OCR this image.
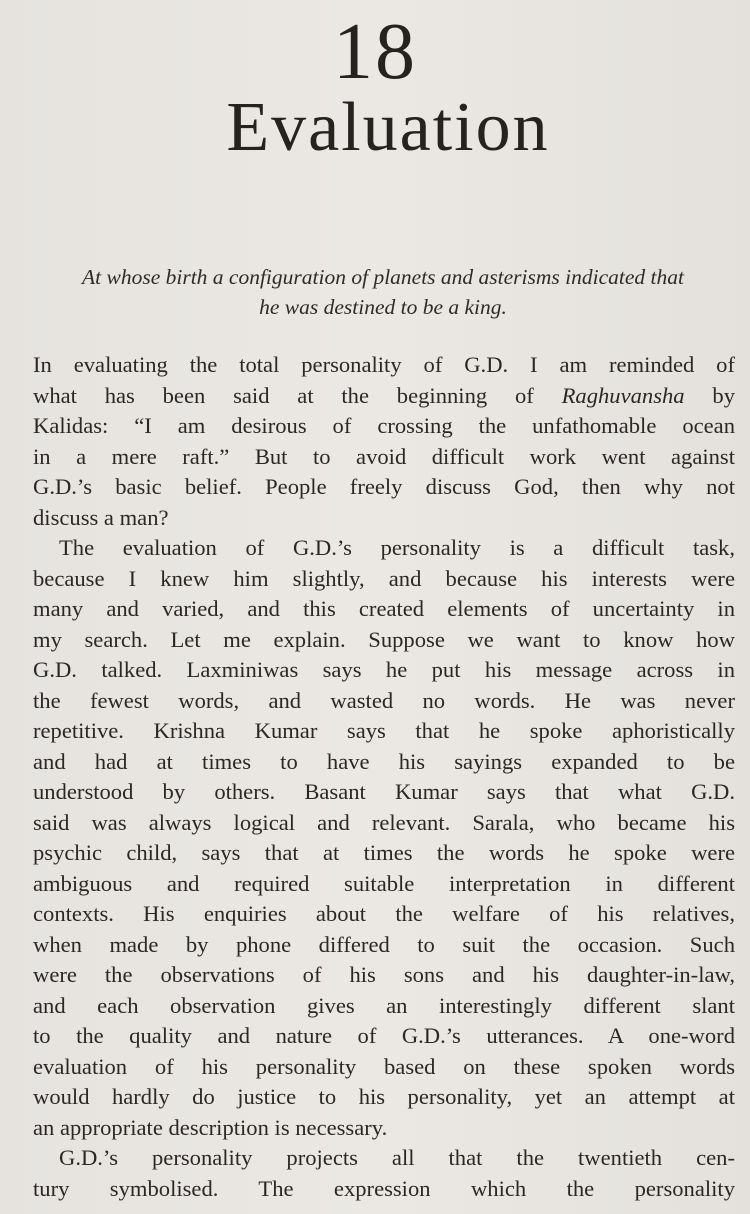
18
Evaluation
At whose birth a configuration of planets and asterisms indicated that
he was destined to be a king.
In evaluating the total personality of G.D. I am reminded of
what has been said at the beginning of Raghuvansha by
Kalidas: “I am desirous of crossing the unfathomable ocean
in a mere raft.” But to avoid difficult work went against
G.D.’s basic belief. People freely discuss God, then why not
discuss a man?
The evaluation of G.D.’s personality is a difficult task,
because I knew him slightly, and because his interests were
many and varied, and this created elements of uncertainty in
my search. Let me explain. Suppose we want to know how
G.D. talked. Laxminiwas says he put his message across in
the fewest words, and wasted no words. He was never
repetitive. Krishna Kumar says that he spoke aphoristically
and had at times to have his sayings expanded to be
understood by others. Basant Kumar says that what G.D.
said was always logical and relevant. Sarala, who became his
psychic child, says that at times the words he spoke were
ambiguous and required suitable interpretation in different
contexts. His enquiries about the welfare of his relatives,
when made by phone differed to suit the occasion. Such
were the observations of his sons and his daughter-in-law,
and each observation gives an interestingly different slant
to the quality and nature of G.D.’s utterances. A one-word
evaluation of his personality based on these spoken words
would hardly do justice to his personality, yet an attempt at
an appropriate description is necessary.
G.D.’s personality projects all that the twentieth cen-
tury symbolised. The expression which the personality
